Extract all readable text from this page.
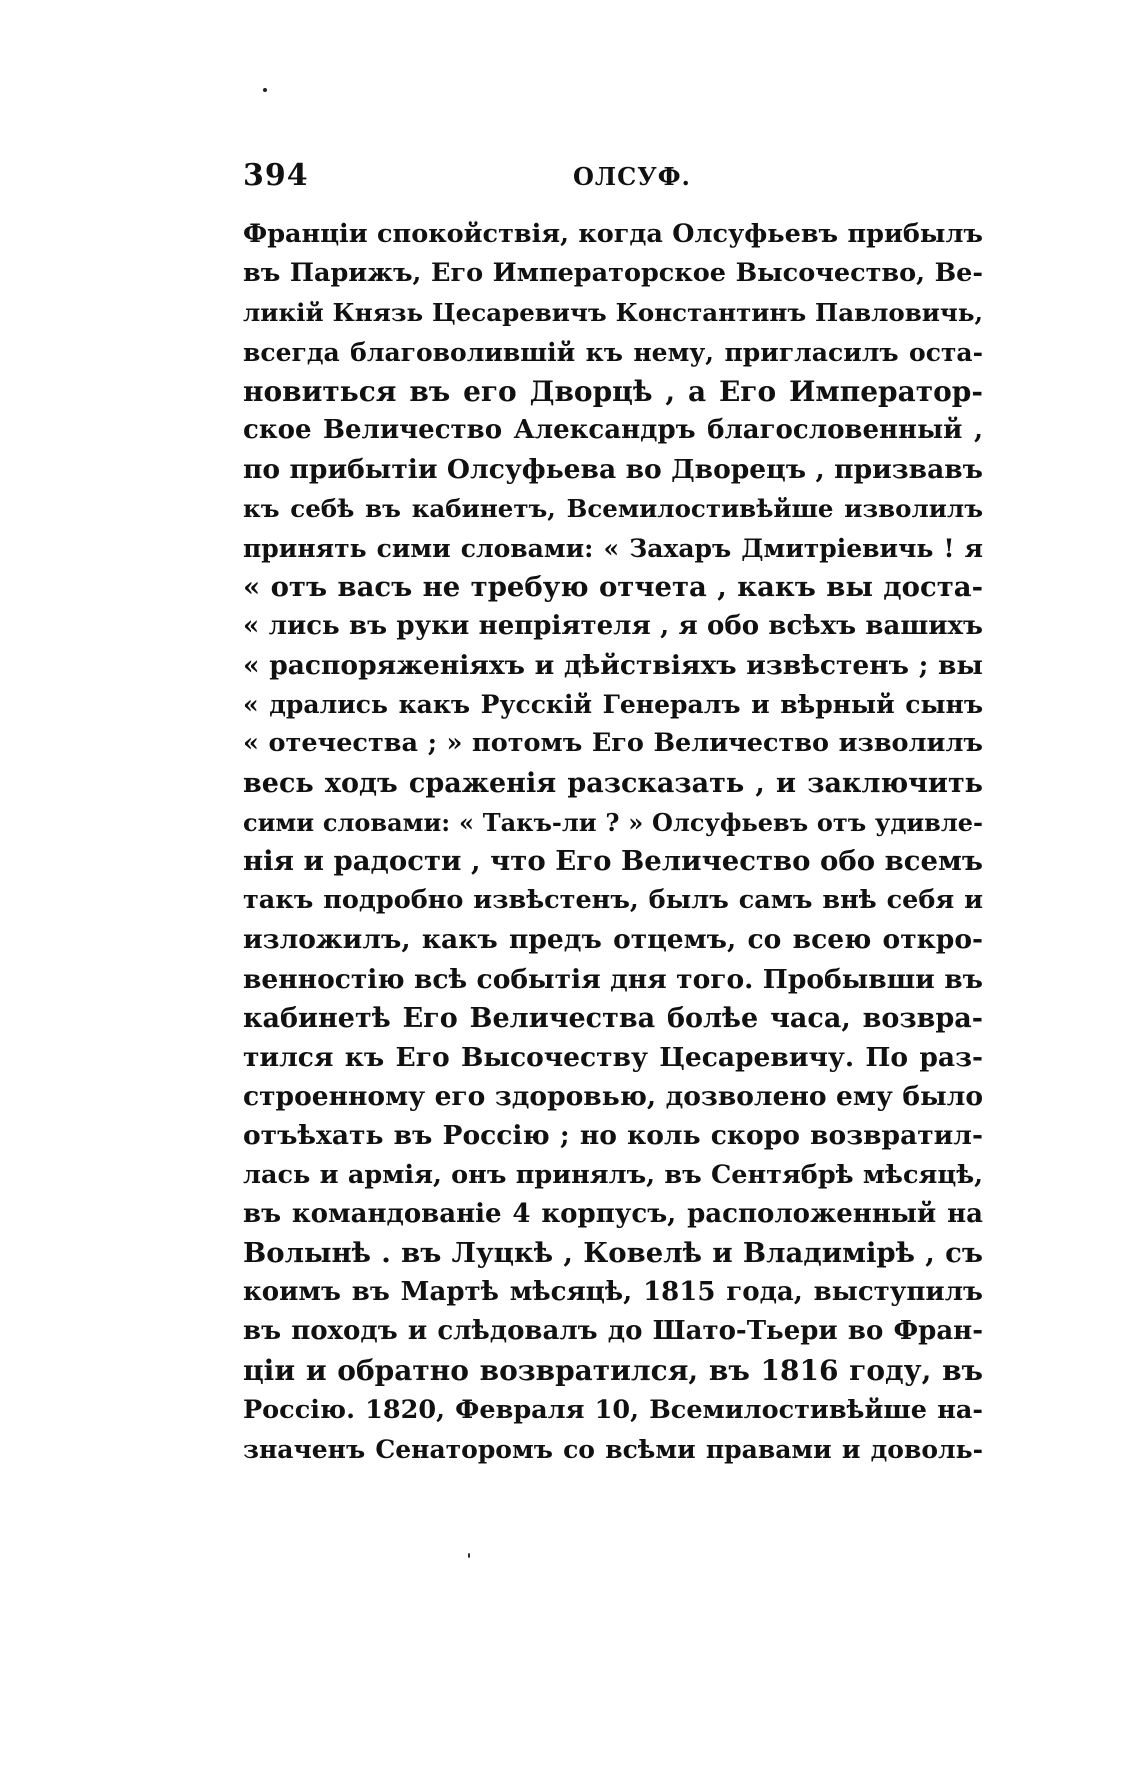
394	ОЛСУФ.
Франціи спокойствія, когда Олсуфьевъ прибылъ
въ Парижъ, Его Императорское Высочество, Ве-
ликій Князь Цесаревичъ Константинъ Павловичь,
всегда благоволившій къ нему, пригласилъ оста-
новиться въ его Дворцѣ , а Его Император-
ское Величество Александръ благословенный ,
по прибытіи Олсуфьева во Дворецъ , призвавъ
къ себѣ въ кабинетъ, Всемилостивѣйше изволилъ
принять сими словами: « Захаръ Дмитріевичь ! я
« отъ васъ не требую отчета , какъ вы доста-
« лись въ руки непріятеля , я обо всѣхъ вашихъ
« распоряженіяхъ и дѣйствіяхъ извѣстенъ ; вы
« дрались какъ Русскій Генералъ и вѣрный сынъ
« отечества ; » потомъ Его Величество изволилъ
весь ходъ сраженія разсказать , и заключить
сими словами: « Такъ-ли ? » Олсуфьевъ отъ удивле-
нія и радости , что Его Величество обо всемъ
такъ подробно извѣстенъ, былъ самъ внѣ себя и
изложилъ, какъ предъ отцемъ, со всею откро-
венностію всѣ событія дня того. Пробывши въ
кабинетѣ Его Величества болѣе часа, возвра-
тился къ Его Высочеству Цесаревичу. По раз-
строенному его здоровью, дозволено ему было
отъѣхать въ Россію ; но коль скоро возвратил-
лась и армія, онъ принялъ, въ Сентябрѣ мѣсяцѣ,
въ командованіе 4 корпусъ, расположенный на
Волынѣ . въ Луцкѣ , Ковелѣ и Владимірѣ , съ
коимъ въ Мартѣ мѣсяцѣ, 1815 года, выступилъ
въ походъ и слѣдовалъ до Шато-Тьери во Фран-
ціи и обратно возвратился, въ 1816 году, въ
Россію. 1820, Февраля 10, Всемилостивѣйше на-
значенъ Сенаторомъ со всѣми правами и доволь-
